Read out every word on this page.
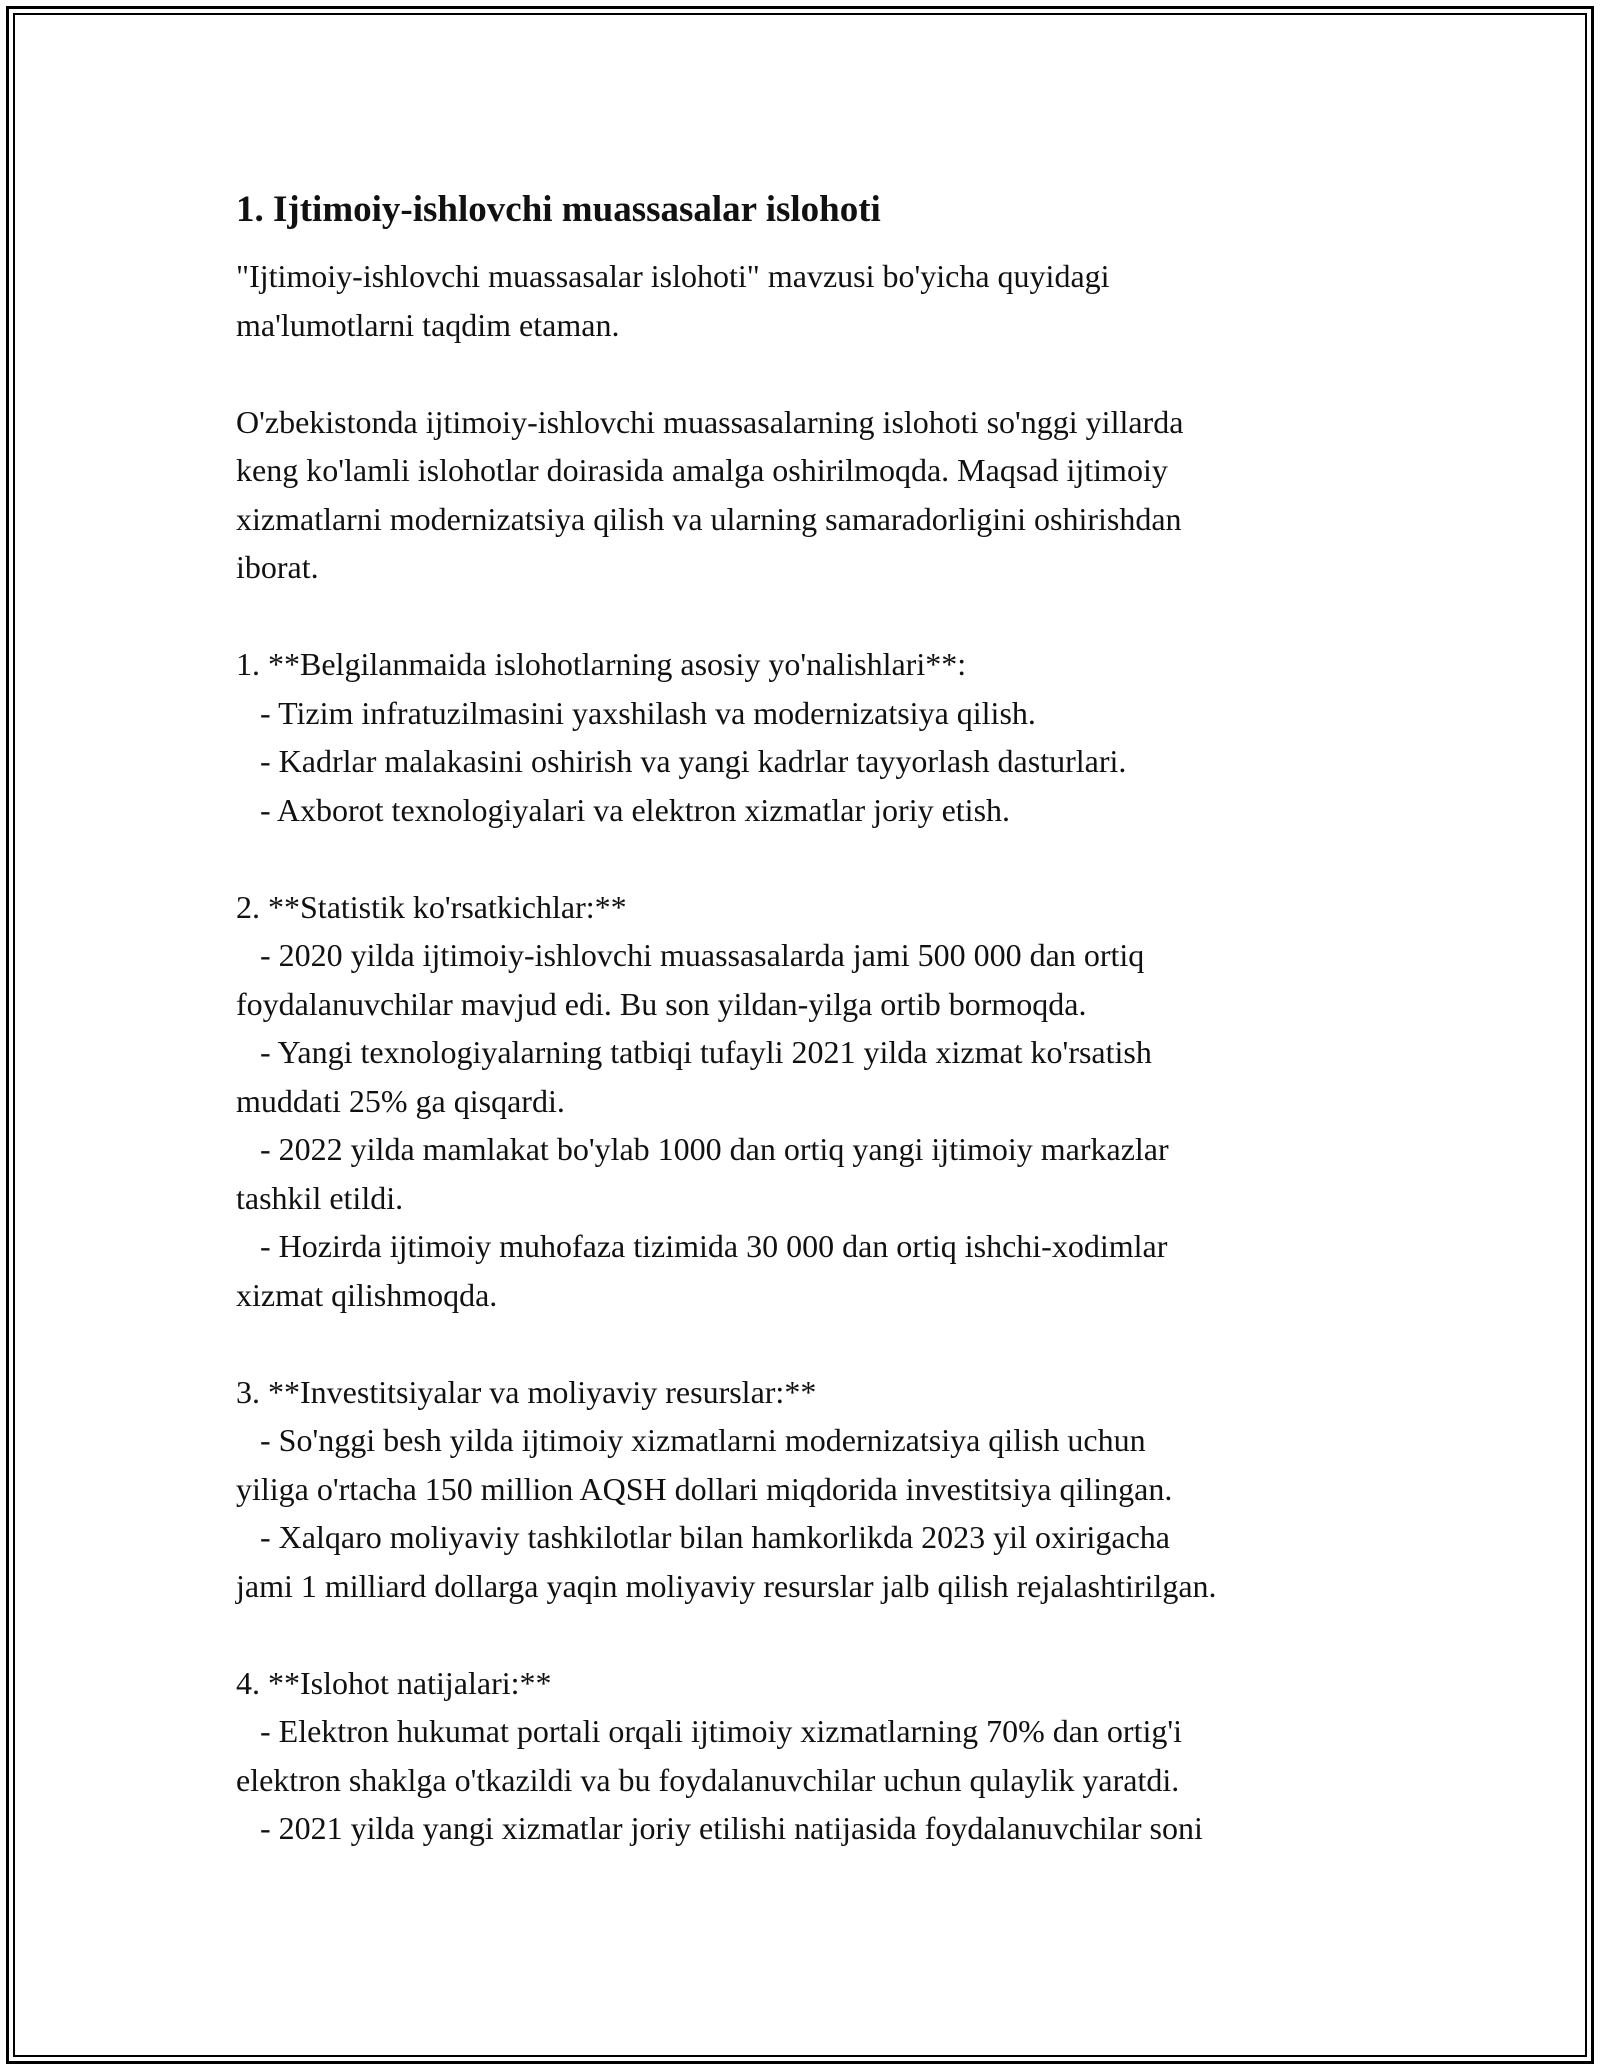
1. Ijtimoiy-ishlovchi muassasalar islohoti

"Ijtimoiy-ishlovchi muassasalar islohoti" mavzusi bo'yicha quyidagi
ma'lumotlarni taqdim etaman.

O'zbekistonda ijtimoiy-ishlovchi muassasalarning islohoti so'nggi yillarda
keng ko'lamli islohotlar doirasida amalga oshirilmoqda. Maqsad ijtimoiy
xizmatlarni modernizatsiya qilish va ularning samaradorligini oshirishdan
iborat.

1. **Belgilanmaida islohotlarning asosiy yo'nalishlari**:
- Tizim infratuzilmasini yaxshilash va modernizatsiya qilish.
- Kadrlar malakasini oshirish va yangi kadrlar tayyorlash dasturlari.
- Axborot texnologiyalari va elektron xizmatlar joriy etish.

2. **Statistik ko'rsatkichlar:**
- 2020 yilda ijtimoiy-ishlovchi muassasalarda jami 500 000 dan ortiq
foydalanuvchilar mavjud edi. Bu son yildan-yilga ortib bormoqda.
- Yangi texnologiyalarning tatbiqi tufayli 2021 yilda xizmat ko'rsatish
muddati 25% ga qisqardi.
- 2022 yilda mamlakat bo'ylab 1000 dan ortiq yangi ijtimoiy markazlar
tashkil etildi.
- Hozirda ijtimoiy muhofaza tizimida 30 000 dan ortiq ishchi-xodimlar
xizmat qilishmoqda.

3. **Investitsiyalar va moliyaviy resurslar:**
- So'nggi besh yilda ijtimoiy xizmatlarni modernizatsiya qilish uchun
yiliga o'rtacha 150 million AQSH dollari miqdorida investitsiya qilingan.
- Xalqaro moliyaviy tashkilotlar bilan hamkorlikda 2023 yil oxirigacha
jami 1 milliard dollarga yaqin moliyaviy resurslar jalb qilish rejalashtirilgan.

4. **Islohot natijalari:**
- Elektron hukumat portali orqali ijtimoiy xizmatlarning 70% dan ortig'i
elektron shaklga o'tkazildi va bu foydalanuvchilar uchun qulaylik yaratdi.
- 2021 yilda yangi xizmatlar joriy etilishi natijasida foydalanuvchilar soni
